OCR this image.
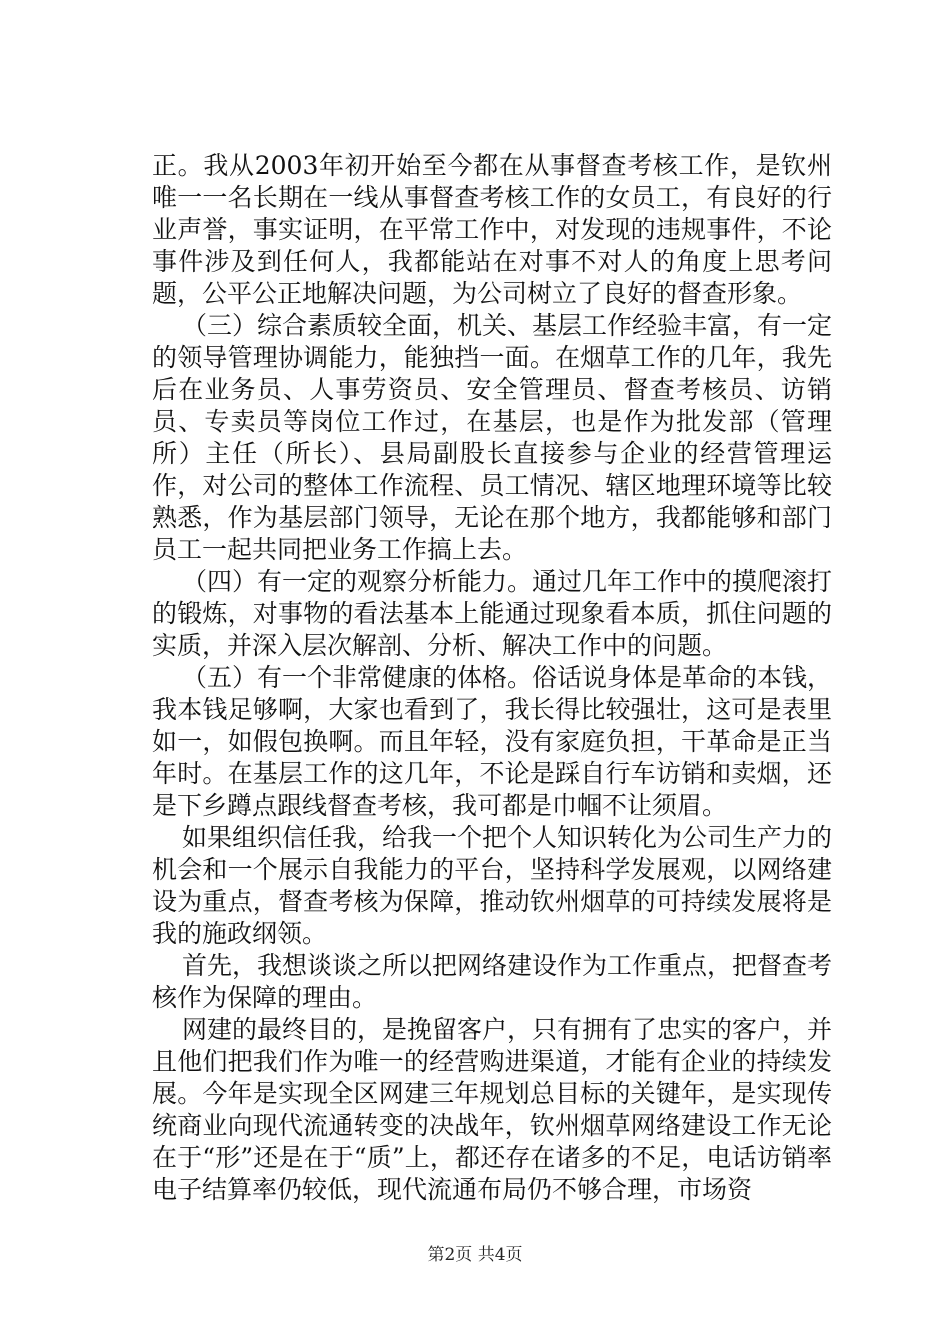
正。我从2003年初开始至今都在从事督查考核工作，是钦州唯一一名长期在一线从事督查考核工作的女员工，有良好的行业声誉，事实证明，在平常工作中，对发现的违规事件，不论事件涉及到任何人，我都能站在对事不对人的角度上思考问题，公平公正地解决问题，为公司树立了良好的督查形象。

（三）综合素质较全面，机关、基层工作经验丰富，有一定的领导管理协调能力，能独挡一面。在烟草工作的几年，我先后在业务员、人事劳资员、安全管理员、督查考核员、访销员、专卖员等岗位工作过，在基层，也是作为批发部（管理所）主任（所长）、县局副股长直接参与企业的经营管理运作，对公司的整体工作流程、员工情况、辖区地理环境等比较熟悉，作为基层部门领导，无论在那个地方，我都能够和部门员工一起共同把业务工作搞上去。

（四）有一定的观察分析能力。通过几年工作中的摸爬滚打的锻炼，对事物的看法基本上能通过现象看本质，抓住问题的实质，并深入层次解剖、分析、解决工作中的问题。

（五）有一个非常健康的体格。俗话说身体是革命的本钱，我本钱足够啊，大家也看到了，我长得比较强壮，这可是表里如一，如假包换啊。而且年轻，没有家庭负担，干革命是正当年时。在基层工作的这几年，不论是踩自行车访销和卖烟，还是下乡蹲点跟线督查考核，我可都是巾帼不让须眉。

如果组织信任我，给我一个把个人知识转化为公司生产力的机会和一个展示自我能力的平台，坚持科学发展观，以网络建设为重点，督查考核为保障，推动钦州烟草的可持续发展将是我的施政纲领。

首先，我想谈谈之所以把网络建设作为工作重点，把督查考核作为保障的理由。

网建的最终目的，是挽留客户，只有拥有了忠实的客户，并且他们把我们作为唯一的经营购进渠道，才能有企业的持续发展。今年是实现全区网建三年规划总目标的关键年，是实现传统商业向现代流通转变的决战年，钦州烟草网络建设工作无论在于“形”还是在于“质”上，都还存在诸多的不足，电话访销率电子结算率仍较低，现代流通布局仍不够合理，市场资

第2页 共4页
